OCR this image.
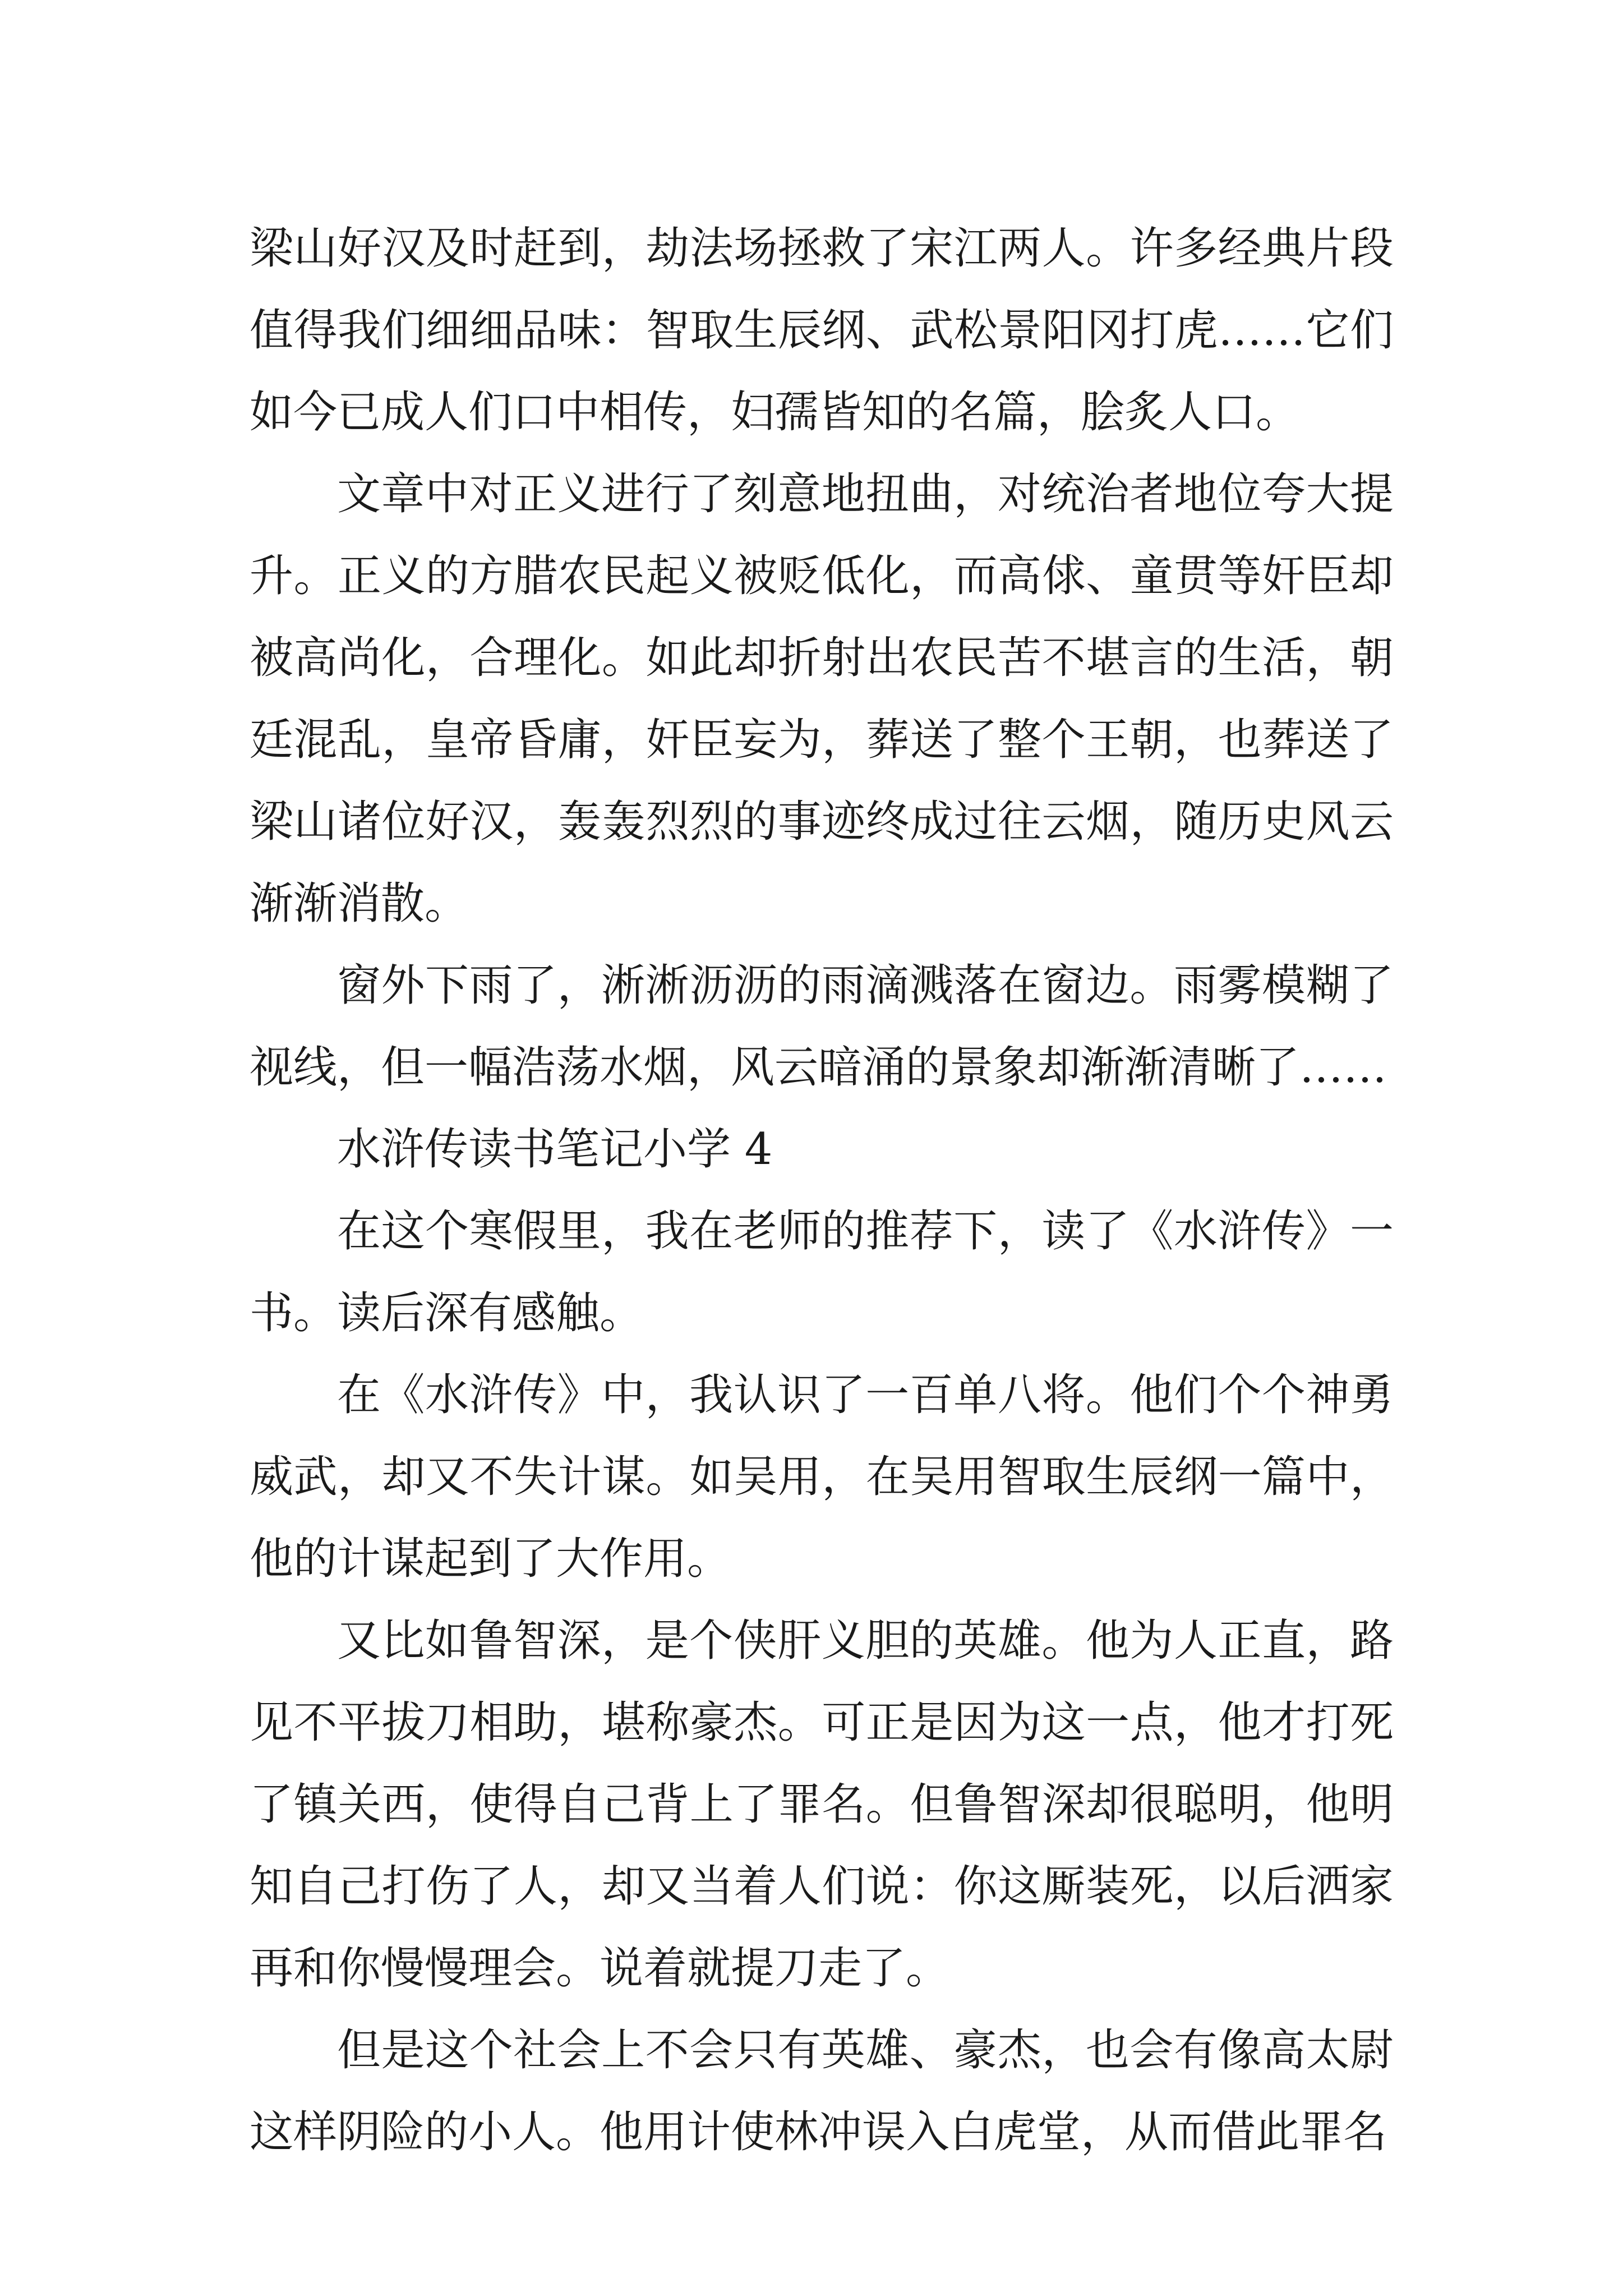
梁山好汉及时赶到，劫法场拯救了宋江两人。许多经典片段值得我们细细品味：智取生辰纲、武松景阳冈打虎……它们如今已成人们口中相传，妇孺皆知的名篇，脍炙人口。

文章中对正义进行了刻意地扭曲，对统治者地位夸大提升。正义的方腊农民起义被贬低化，而高俅、童贯等奸臣却被高尚化，合理化。如此却折射出农民苦不堪言的生活，朝廷混乱，皇帝昏庸，奸臣妄为，葬送了整个王朝，也葬送了梁山诸位好汉，轰轰烈烈的事迹终成过往云烟，随历史风云渐渐消散。

窗外下雨了，淅淅沥沥的雨滴溅落在窗边。雨雾模糊了视线，但一幅浩荡水烟，风云暗涌的景象却渐渐清晰了……

水浒传读书笔记小学 4

在这个寒假里，我在老师的推荐下，读了《水浒传》一书。读后深有感触。

在《水浒传》中，我认识了一百单八将。他们个个神勇威武，却又不失计谋。如吴用，在吴用智取生辰纲一篇中，他的计谋起到了大作用。

又比如鲁智深，是个侠肝义胆的英雄。他为人正直，路见不平拔刀相助，堪称豪杰。可正是因为这一点，他才打死了镇关西，使得自己背上了罪名。但鲁智深却很聪明，他明知自己打伤了人，却又当着人们说：你这厮装死，以后洒家再和你慢慢理会。说着就提刀走了。

但是这个社会上不会只有英雄、豪杰，也会有像高太尉这样阴险的小人。他用计使林冲误入白虎堂，从而借此罪名
